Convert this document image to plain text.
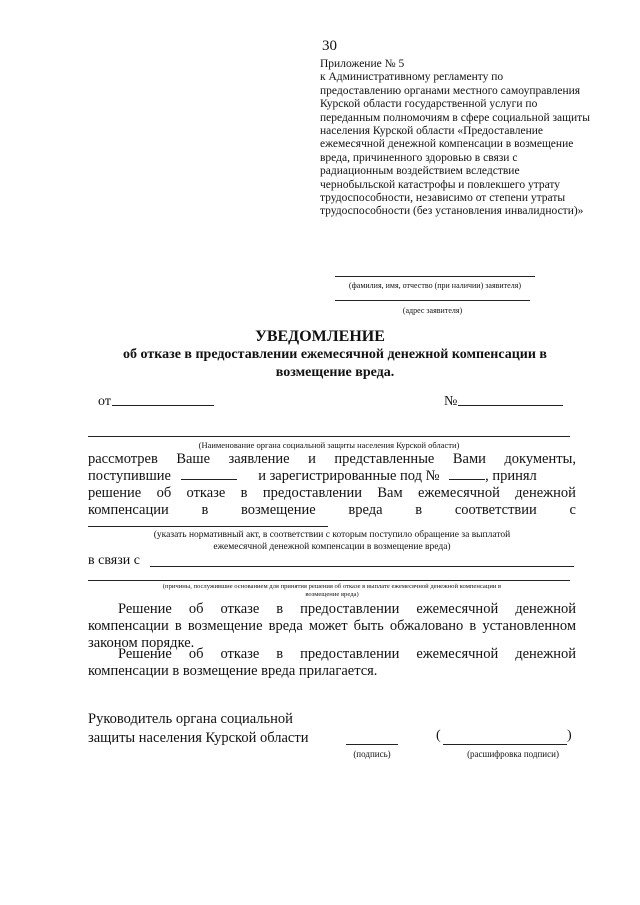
30
Приложение № 5
к Административному регламенту по
предоставлению органами местного самоуправления
Курской области государственной услуги по
переданным полномочиям в сфере социальной защиты
населения Курской области «Предоставление
ежемесячной денежной компенсации в возмещение
вреда, причиненного здоровью в связи с
радиационным воздействием вследствие
чернобыльской катастрофы и повлекшего утрату
трудоспособности, независимо от степени утраты
трудоспособности (без установления инвалидности)»
(фамилия, имя, отчество (при наличии) заявителя)
(адрес заявителя)
УВЕДОМЛЕНИЕ
об отказе в предоставлении ежемесячной денежной компенсации в
возмещение вреда.
от	№
(Наименование органа социальной защиты населения Курской области)
рассмотрев Ваше заявление и представленные Вами документы,
поступившие	и зарегистрированные под №	, принял
решение об отказе в предоставлении Вам ежемесячной денежной
компенсации в возмещение вреда в соответствии с
(указать нормативный акт, в соответствии с которым поступило обращение за выплатой
ежемесячной денежной компенсации в возмещение вреда)
в связи с
(причины, послужившие основанием для принятия решения об отказе в выплате ежемесячной денежной компенсации в
возмещение вреда)
Решение об отказе в предоставлении ежемесячной денежной компенсации в возмещение вреда может быть обжаловано в установленном законом порядке.
Решение об отказе в предоставлении ежемесячной денежной компенсации в возмещение вреда прилагается.
Руководитель органа социальной
защиты населения Курской области
(подпись)
(	)
(расшифровка подписи)
